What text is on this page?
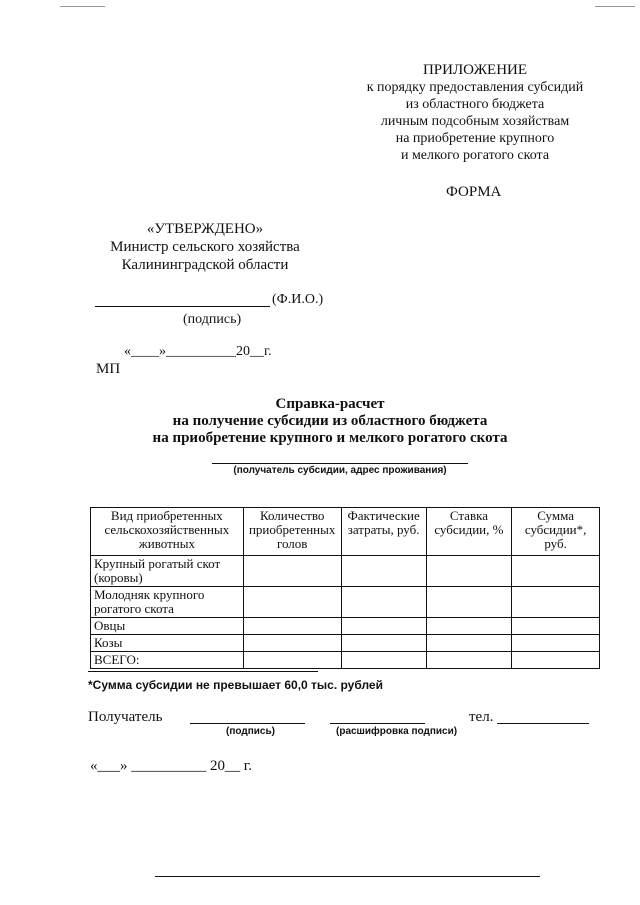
ПРИЛОЖЕНИЕ
к порядку предоставления субсидий
из областного бюджета
личным подсобным хозяйствам
на приобретение крупного
и мелкого рогатого скота
ФОРМА
«УТВЕРЖДЕНО»
Министр сельского хозяйства
Калининградской области
(Ф.И.О.)
(подпись)
«____»__________20__г.
МП
Справка-расчет
на получение субсидии из областного бюджета
на приобретение крупного и мелкого рогатого скота
(получатель субсидии, адрес проживания)
Вид приобретенных сельскохозяйственных животных	Количество приобретенных голов	Фактические затраты, руб.	Ставка субсидии, %	Сумма субсидии*, руб.
Крупный рогатый скот (коровы)				
Молодняк крупного рогатого скота				
Овцы				
Козы				
ВСЕГО:				
*Сумма субсидии не превышает 60,0 тыс. рублей
Получатель	тел.
(подпись)	(расшифровка подписи)
«___» __________ 20__ г.
